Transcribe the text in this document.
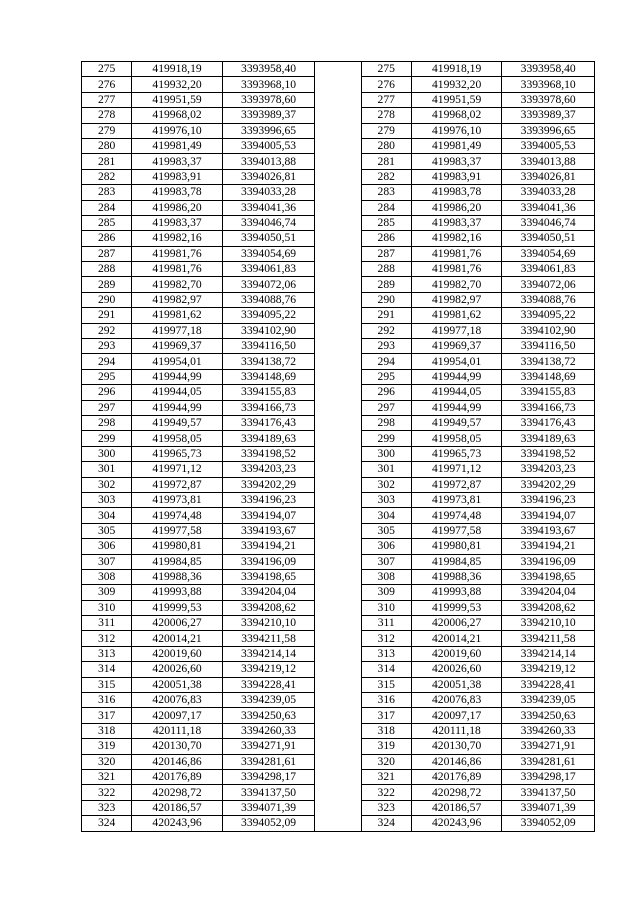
275	419918,19	3393958,40		275	419918,19	3393958,40
276	419932,20	3393968,10		276	419932,20	3393968,10
277	419951,59	3393978,60		277	419951,59	3393978,60
278	419968,02	3393989,37		278	419968,02	3393989,37
279	419976,10	3393996,65		279	419976,10	3393996,65
280	419981,49	3394005,53		280	419981,49	3394005,53
281	419983,37	3394013,88		281	419983,37	3394013,88
282	419983,91	3394026,81		282	419983,91	3394026,81
283	419983,78	3394033,28		283	419983,78	3394033,28
284	419986,20	3394041,36		284	419986,20	3394041,36
285	419983,37	3394046,74		285	419983,37	3394046,74
286	419982,16	3394050,51		286	419982,16	3394050,51
287	419981,76	3394054,69		287	419981,76	3394054,69
288	419981,76	3394061,83		288	419981,76	3394061,83
289	419982,70	3394072,06		289	419982,70	3394072,06
290	419982,97	3394088,76		290	419982,97	3394088,76
291	419981,62	3394095,22		291	419981,62	3394095,22
292	419977,18	3394102,90		292	419977,18	3394102,90
293	419969,37	3394116,50		293	419969,37	3394116,50
294	419954,01	3394138,72		294	419954,01	3394138,72
295	419944,99	3394148,69		295	419944,99	3394148,69
296	419944,05	3394155,83		296	419944,05	3394155,83
297	419944,99	3394166,73		297	419944,99	3394166,73
298	419949,57	3394176,43		298	419949,57	3394176,43
299	419958,05	3394189,63		299	419958,05	3394189,63
300	419965,73	3394198,52		300	419965,73	3394198,52
301	419971,12	3394203,23		301	419971,12	3394203,23
302	419972,87	3394202,29		302	419972,87	3394202,29
303	419973,81	3394196,23		303	419973,81	3394196,23
304	419974,48	3394194,07		304	419974,48	3394194,07
305	419977,58	3394193,67		305	419977,58	3394193,67
306	419980,81	3394194,21		306	419980,81	3394194,21
307	419984,85	3394196,09		307	419984,85	3394196,09
308	419988,36	3394198,65		308	419988,36	3394198,65
309	419993,88	3394204,04		309	419993,88	3394204,04
310	419999,53	3394208,62		310	419999,53	3394208,62
311	420006,27	3394210,10		311	420006,27	3394210,10
312	420014,21	3394211,58		312	420014,21	3394211,58
313	420019,60	3394214,14		313	420019,60	3394214,14
314	420026,60	3394219,12		314	420026,60	3394219,12
315	420051,38	3394228,41		315	420051,38	3394228,41
316	420076,83	3394239,05		316	420076,83	3394239,05
317	420097,17	3394250,63		317	420097,17	3394250,63
318	420111,18	3394260,33		318	420111,18	3394260,33
319	420130,70	3394271,91		319	420130,70	3394271,91
320	420146,86	3394281,61		320	420146,86	3394281,61
321	420176,89	3394298,17		321	420176,89	3394298,17
322	420298,72	3394137,50		322	420298,72	3394137,50
323	420186,57	3394071,39		323	420186,57	3394071,39
324	420243,96	3394052,09		324	420243,96	3394052,09
